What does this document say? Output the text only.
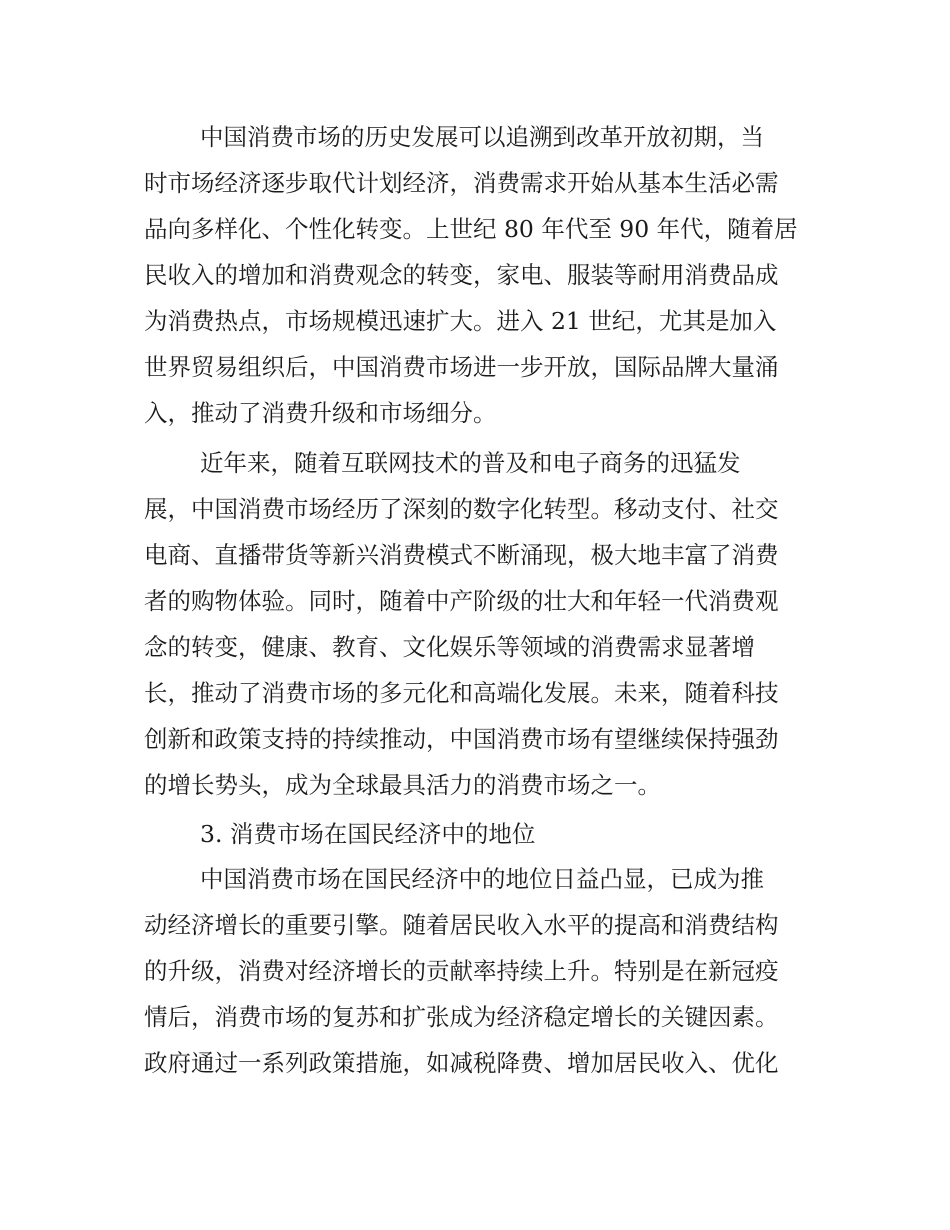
中国消费市场的历史发展可以追溯到改革开放初期，当

时市场经济逐步取代计划经济，消费需求开始从基本生活必需

品向多样化、个性化转变。上世纪 80 年代至 90 年代，随着居

民收入的增加和消费观念的转变，家电、服装等耐用消费品成

为消费热点，市场规模迅速扩大。进入 21 世纪，尤其是加入

世界贸易组织后，中国消费市场进一步开放，国际品牌大量涌

入，推动了消费升级和市场细分。

近年来，随着互联网技术的普及和电子商务的迅猛发

展，中国消费市场经历了深刻的数字化转型。移动支付、社交

电商、直播带货等新兴消费模式不断涌现，极大地丰富了消费

者的购物体验。同时，随着中产阶级的壮大和年轻一代消费观

念的转变，健康、教育、文化娱乐等领域的消费需求显著增

长，推动了消费市场的多元化和高端化发展。未来，随着科技

创新和政策支持的持续推动，中国消费市场有望继续保持强劲

的增长势头，成为全球最具活力的消费市场之一。

3. 消费市场在国民经济中的地位

中国消费市场在国民经济中的地位日益凸显，已成为推

动经济增长的重要引擎。随着居民收入水平的提高和消费结构

的升级，消费对经济增长的贡献率持续上升。特别是在新冠疫

情后，消费市场的复苏和扩张成为经济稳定增长的关键因素。

政府通过一系列政策措施，如减税降费、增加居民收入、优化
